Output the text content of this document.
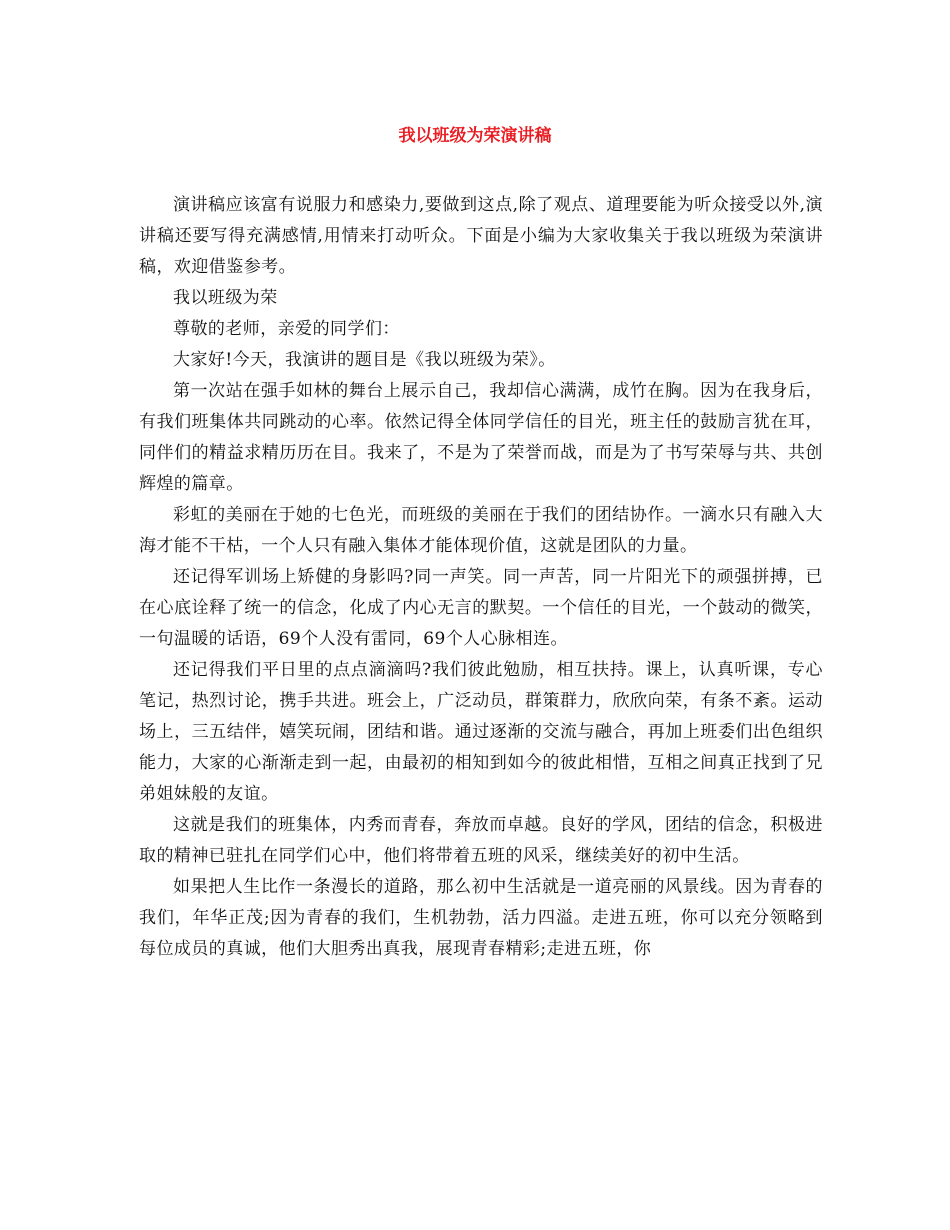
我以班级为荣演讲稿

演讲稿应该富有说服力和感染力,要做到这点,除了观点、道理要能为听众接受以外,演讲稿还要写得充满感情,用情来打动听众。下面是小编为大家收集关于我以班级为荣演讲稿，欢迎借鉴参考。

我以班级为荣

尊敬的老师，亲爱的同学们：

大家好!今天，我演讲的题目是《我以班级为荣》。

第一次站在强手如林的舞台上展示自己，我却信心满满，成竹在胸。因为在我身后，有我们班集体共同跳动的心率。依然记得全体同学信任的目光，班主任的鼓励言犹在耳，同伴们的精益求精历历在目。我来了，不是为了荣誉而战，而是为了书写荣辱与共、共创辉煌的篇章。

彩虹的美丽在于她的七色光，而班级的美丽在于我们的团结协作。一滴水只有融入大海才能不干枯，一个人只有融入集体才能体现价值，这就是团队的力量。

还记得军训场上矫健的身影吗?同一声笑。同一声苦，同一片阳光下的顽强拼搏，已在心底诠释了统一的信念，化成了内心无言的默契。一个信任的目光，一个鼓动的微笑，一句温暖的话语，69个人没有雷同，69个人心脉相连。

还记得我们平日里的点点滴滴吗?我们彼此勉励，相互扶持。课上，认真听课，专心笔记，热烈讨论，携手共进。班会上，广泛动员，群策群力，欣欣向荣，有条不紊。运动场上，三五结伴，嬉笑玩闹，团结和谐。通过逐渐的交流与融合，再加上班委们出色组织能力，大家的心渐渐走到一起，由最初的相知到如今的彼此相惜，互相之间真正找到了兄弟姐妹般的友谊。

这就是我们的班集体，内秀而青春，奔放而卓越。良好的学风，团结的信念，积极进取的精神已驻扎在同学们心中，他们将带着五班的风采，继续美好的初中生活。

如果把人生比作一条漫长的道路，那么初中生活就是一道亮丽的风景线。因为青春的我们，年华正茂;因为青春的我们，生机勃勃，活力四溢。走进五班，你可以充分领略到每位成员的真诚，他们大胆秀出真我，展现青春精彩;走进五班，你
